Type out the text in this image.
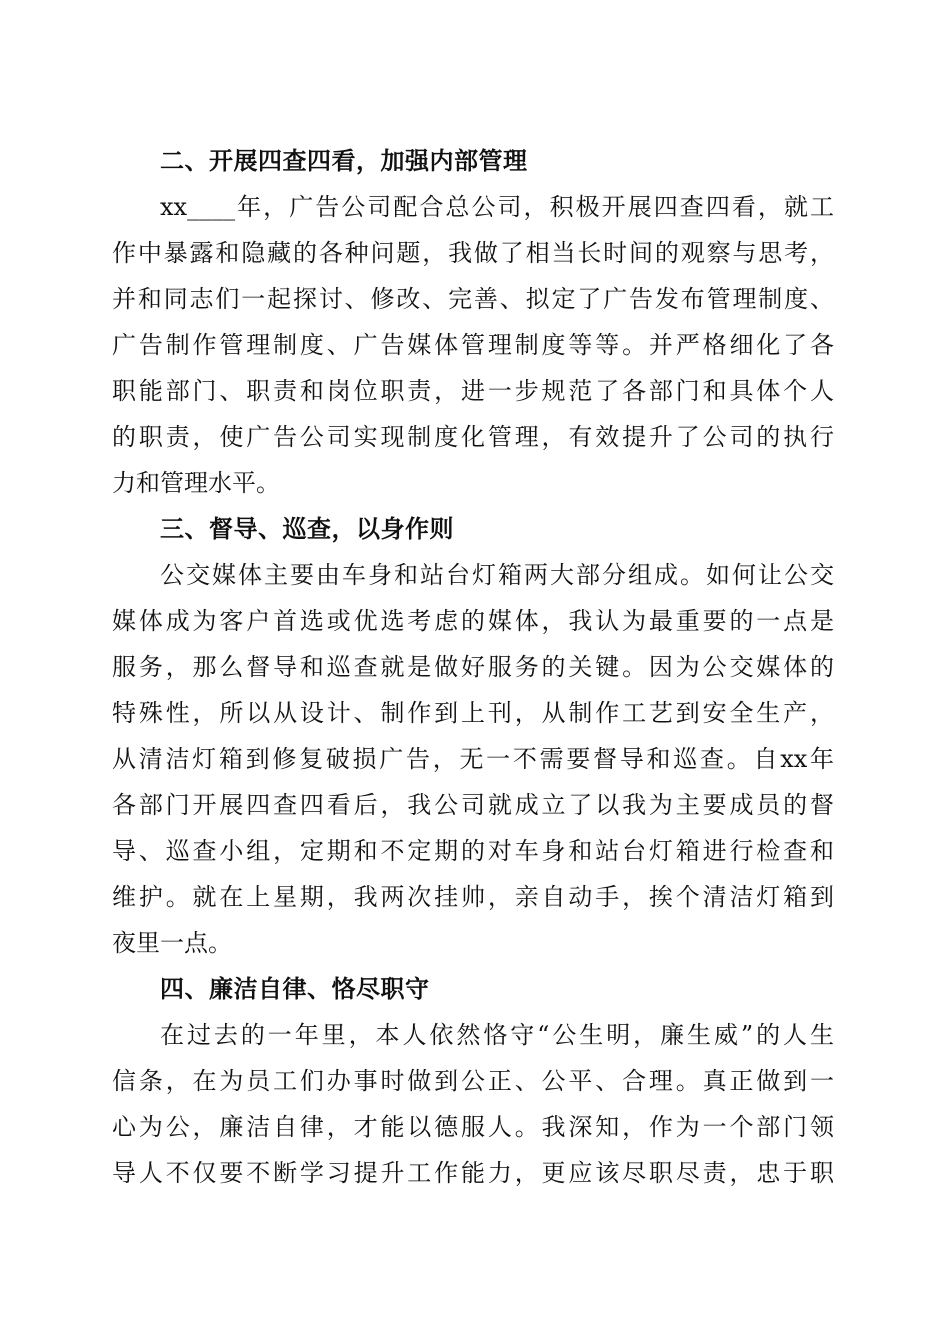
二、开展四查四看，加强内部管理
xx____年，广告公司配合总公司，积极开展四查四看，就工
作中暴露和隐藏的各种问题，我做了相当长时间的观察与思考，
并和同志们一起探讨、修改、完善、拟定了广告发布管理制度、
广告制作管理制度、广告媒体管理制度等等。并严格细化了各
职能部门、职责和岗位职责，进一步规范了各部门和具体个人
的职责，使广告公司实现制度化管理，有效提升了公司的执行
力和管理水平。
三、督导、巡查，以身作则
公交媒体主要由车身和站台灯箱两大部分组成。如何让公交
媒体成为客户首选或优选考虑的媒体，我认为最重要的一点是
服务，那么督导和巡查就是做好服务的关键。因为公交媒体的
特殊性，所以从设计、制作到上刊，从制作工艺到安全生产，
从清洁灯箱到修复破损广告，无一不需要督导和巡查。自xx年
各部门开展四查四看后，我公司就成立了以我为主要成员的督
导、巡查小组，定期和不定期的对车身和站台灯箱进行检查和
维护。就在上星期，我两次挂帅，亲自动手，挨个清洁灯箱到
夜里一点。
四、廉洁自律、恪尽职守
在过去的一年里，本人依然恪守“公生明，廉生威”的人生
信条，在为员工们办事时做到公正、公平、合理。真正做到一
心为公，廉洁自律，才能以德服人。我深知，作为一个部门领
导人不仅要不断学习提升工作能力，更应该尽职尽责，忠于职
